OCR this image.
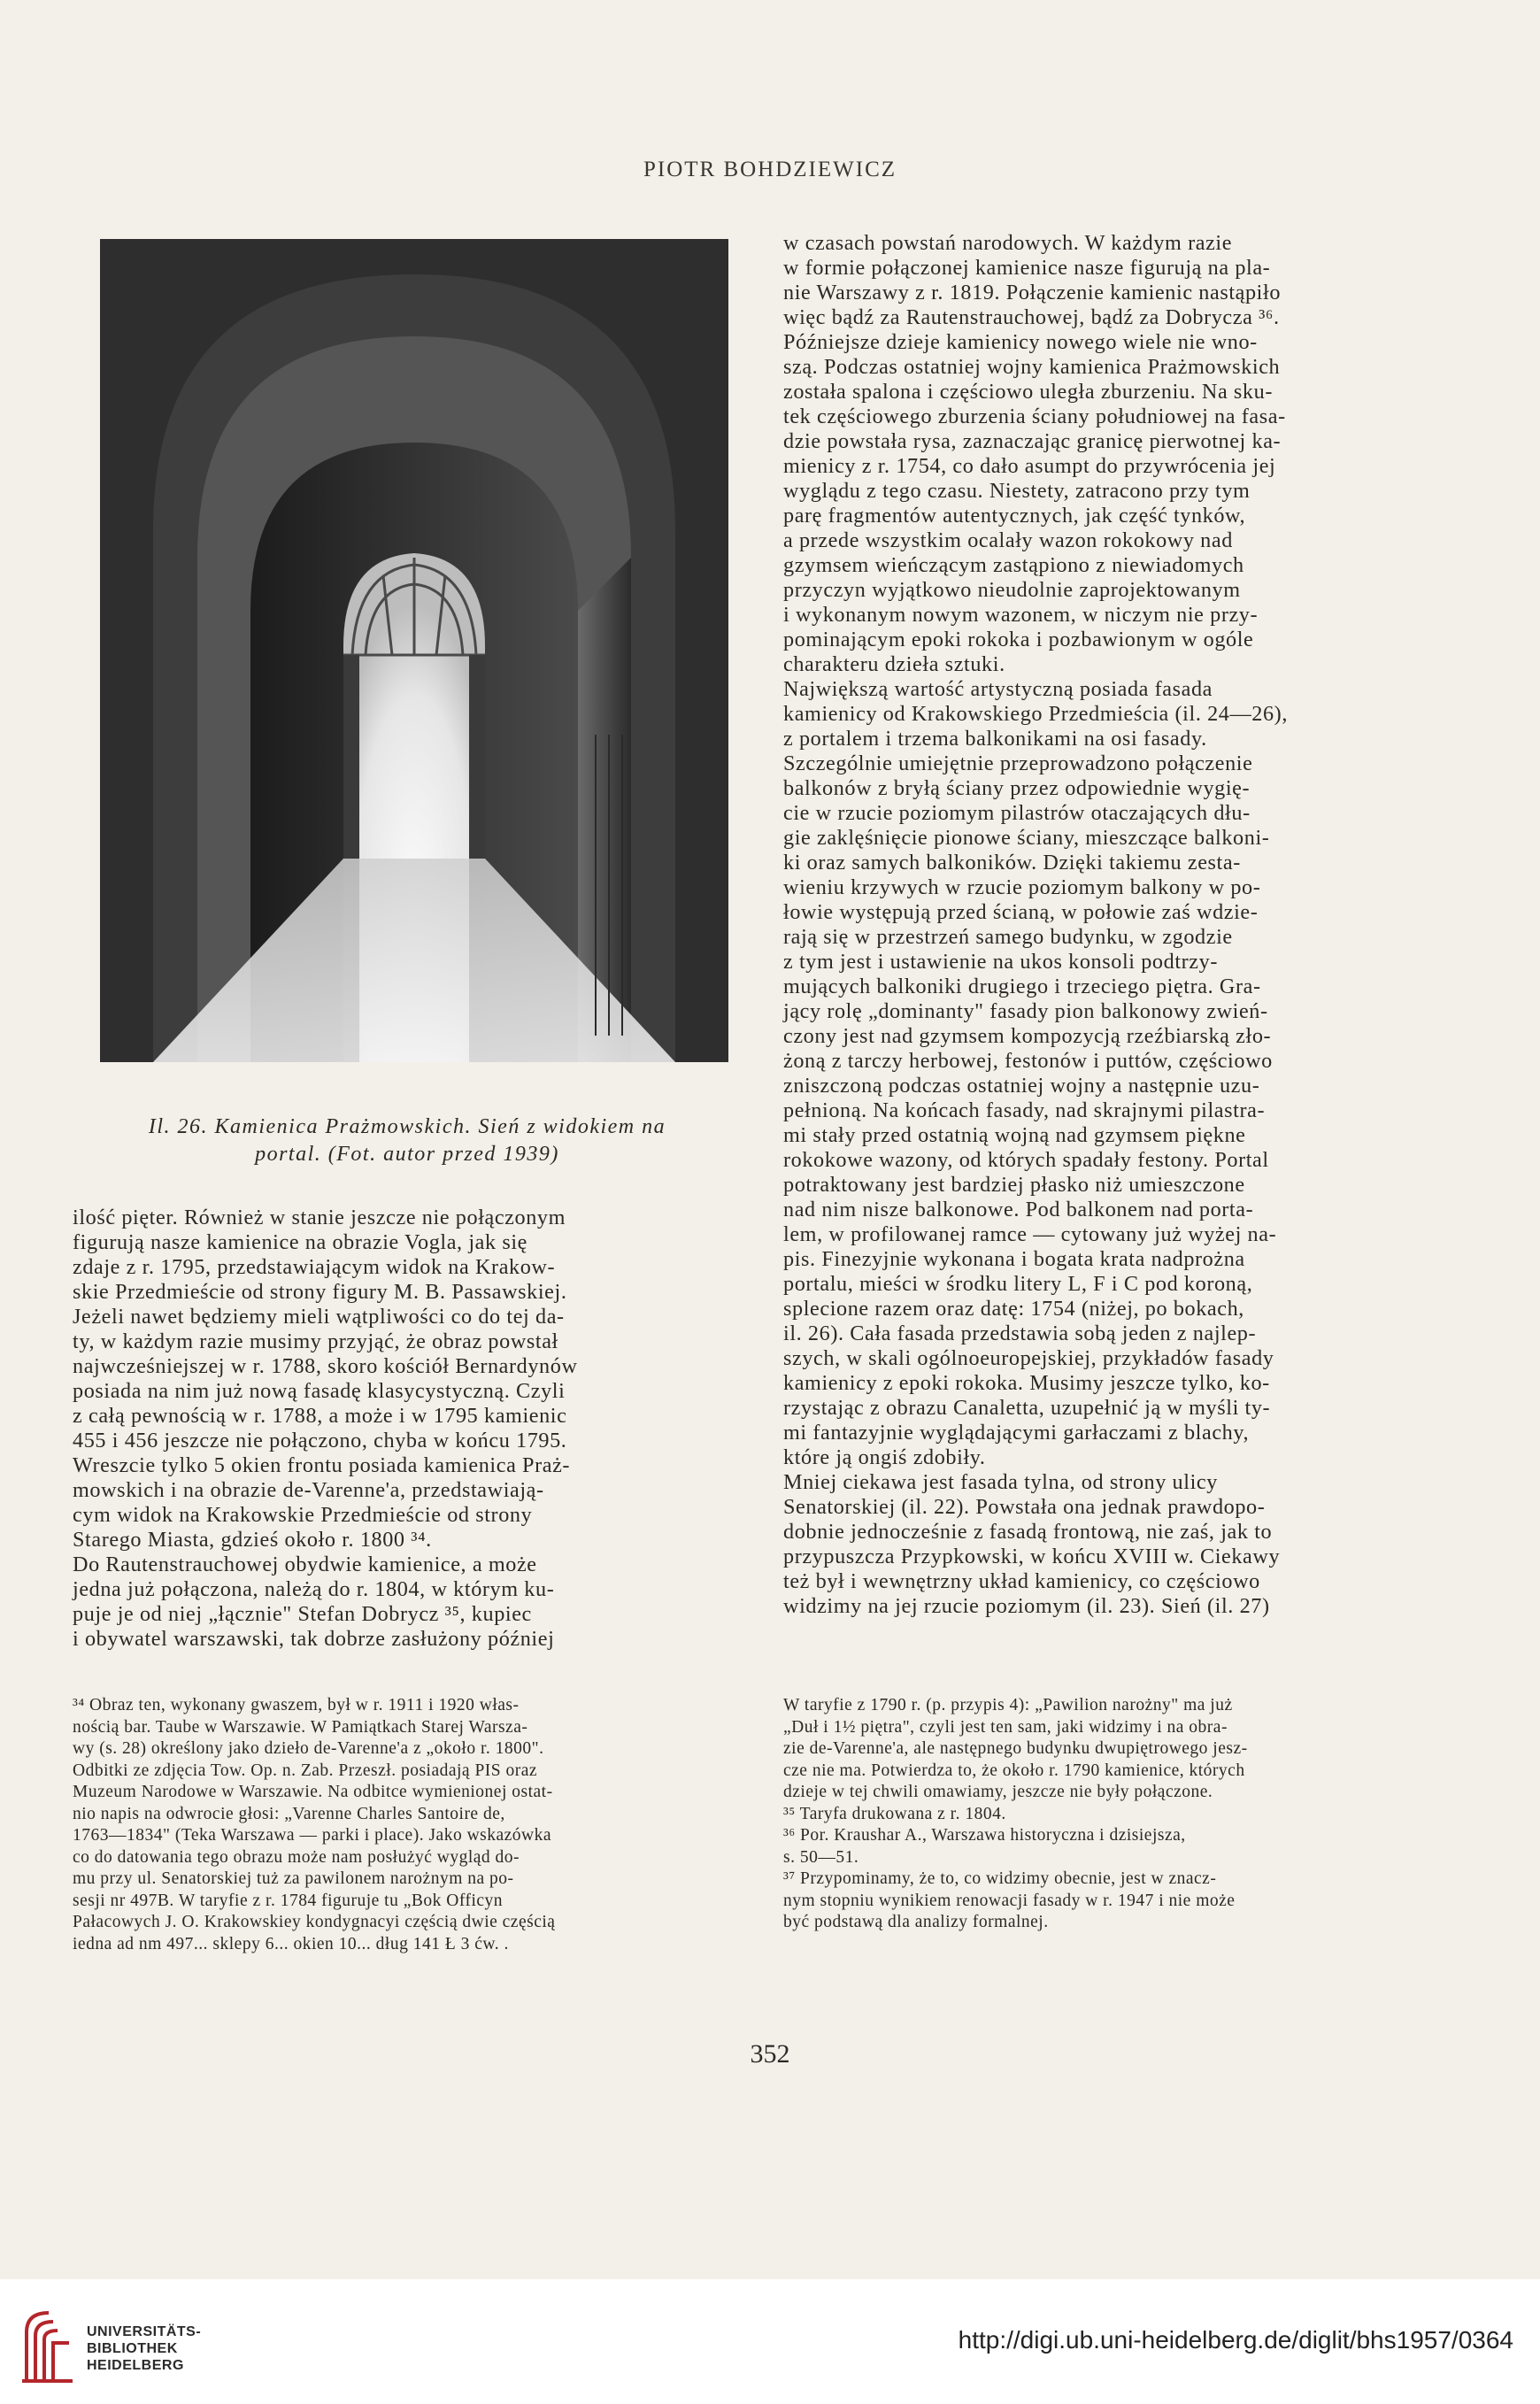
PIOTR BOHDZIEWICZ
Il. 26. Kamienica Prażmowskich. Sień z widokiem na
portal. (Fot. autor przed 1939)
ilość pięter. Również w stanie jeszcze nie połączonym
figurują nasze kamienice na obrazie Vogla, jak się
zdaje z r. 1795, przedstawiającym widok na Krakow-
skie Przedmieście od strony figury M. B. Passawskiej.
Jeżeli nawet będziemy mieli wątpliwości co do tej da-
ty, w każdym razie musimy przyjąć, że obraz powstał
najwcześniejszej w r. 1788, skoro kościół Bernardynów
posiada na nim już nową fasadę klasycystyczną. Czyli
z całą pewnością w r. 1788, a może i w 1795 kamienic
455 i 456 jeszcze nie połączono, chyba w końcu 1795.
Wreszcie tylko 5 okien frontu posiada kamienica Praż-
mowskich i na obrazie de-Varenne'a, przedstawiają-
cym widok na Krakowskie Przedmieście od strony
Starego Miasta, gdzieś około r. 1800 ³⁴.
Do Rautenstrauchowej obydwie kamienice, a może
jedna już połączona, należą do r. 1804, w którym ku-
puje je od niej „łącznie" Stefan Dobrycz ³⁵, kupiec
i obywatel warszawski, tak dobrze zasłużony później
w czasach powstań narodowych. W każdym razie
w formie połączonej kamienice nasze figurują na pla-
nie Warszawy z r. 1819. Połączenie kamienic nastąpiło
więc bądź za Rautenstrauchowej, bądź za Dobrycza ³⁶.
Późniejsze dzieje kamienicy nowego wiele nie wno-
szą. Podczas ostatniej wojny kamienica Prażmowskich
została spalona i częściowo uległa zburzeniu. Na sku-
tek częściowego zburzenia ściany południowej na fasa-
dzie powstała rysa, zaznaczając granicę pierwotnej ka-
mienicy z r. 1754, co dało asumpt do przywrócenia jej
wyglądu z tego czasu. Niestety, zatracono przy tym
parę fragmentów autentycznych, jak część tynków,
a przede wszystkim ocalały wazon rokokowy nad
gzymsem wieńczącym zastąpiono z niewiadomych
przyczyn wyjątkowo nieudolnie zaprojektowanym
i wykonanym nowym wazonem, w niczym nie przy-
pominającym epoki rokoka i pozbawionym w ogóle
charakteru dzieła sztuki.
Największą wartość artystyczną posiada fasada
kamienicy od Krakowskiego Przedmieścia (il. 24—26),
z portalem i trzema balkonikami na osi fasady.
Szczególnie umiejętnie przeprowadzono połączenie
balkonów z bryłą ściany przez odpowiednie wygię-
cie w rzucie poziomym pilastrów otaczających dłu-
gie zaklęśnięcie pionowe ściany, mieszczące balkoni-
ki oraz samych balkoników. Dzięki takiemu zesta-
wieniu krzywych w rzucie poziomym balkony w po-
łowie występują przed ścianą, w połowie zaś wdzie-
rają się w przestrzeń samego budynku, w zgodzie
z tym jest i ustawienie na ukos konsoli podtrzy-
mujących balkoniki drugiego i trzeciego piętra. Gra-
jący rolę „dominanty" fasady pion balkonowy zwień-
czony jest nad gzymsem kompozycją rzeźbiarską zło-
żoną z tarczy herbowej, festonów i puttów, częściowo
zniszczoną podczas ostatniej wojny a następnie uzu-
pełnioną. Na końcach fasady, nad skrajnymi pilastra-
mi stały przed ostatnią wojną nad gzymsem piękne
rokokowe wazony, od których spadały festony. Portal
potraktowany jest bardziej płasko niż umieszczone
nad nim nisze balkonowe. Pod balkonem nad porta-
lem, w profilowanej ramce — cytowany już wyżej na-
pis. Finezyjnie wykonana i bogata krata nadprożna
portalu, mieści w środku litery L, F i C pod koroną,
splecione razem oraz datę: 1754 (niżej, po bokach,
il. 26). Cała fasada przedstawia sobą jeden z najlep-
szych, w skali ogólnoeuropejskiej, przykładów fasady
kamienicy z epoki rokoka. Musimy jeszcze tylko, ko-
rzystając z obrazu Canaletta, uzupełnić ją w myśli ty-
mi fantazyjnie wyglądającymi garłaczami z blachy,
które ją ongiś zdobiły.
Mniej ciekawa jest fasada tylna, od strony ulicy
Senatorskiej (il. 22). Powstała ona jednak prawdopo-
dobnie jednocześnie z fasadą frontową, nie zaś, jak to
przypuszcza Przypkowski, w końcu XVIII w. Ciekawy
też był i wewnętrzny układ kamienicy, co częściowo
widzimy na jej rzucie poziomym (il. 23). Sień (il. 27)
³⁴ Obraz ten, wykonany gwaszem, był w r. 1911 i 1920 włas-
nością bar. Taube w Warszawie. W Pamiątkach Starej Warsza-
wy (s. 28) określony jako dzieło de-Varenne'a z „około r. 1800".
Odbitki ze zdjęcia Tow. Op. n. Zab. Przeszł. posiadają PIS oraz
Muzeum Narodowe w Warszawie. Na odbitce wymienionej ostat-
nio napis na odwrocie głosi: „Varenne Charles Santoire de,
1763—1834" (Teka Warszawa — parki i place). Jako wskazówka
co do datowania tego obrazu może nam posłużyć wygląd do-
mu przy ul. Senatorskiej tuż za pawilonem narożnym na po-
sesji nr 497B. W taryfie z r. 1784 figuruje tu „Bok Officyn
Pałacowych J. O. Krakowskiey kondygnacyi częścią dwie częścią
iedna ad nm 497... sklepy 6... okien 10... dług 141 Ł 3 ćw. .
W taryfie z 1790 r. (p. przypis 4): „Pawilion narożny" ma już
„Duł i 1½ piętra", czyli jest ten sam, jaki widzimy i na obra-
zie de-Varenne'a, ale następnego budynku dwupiętrowego jesz-
cze nie ma. Potwierdza to, że około r. 1790 kamienice, których
dzieje w tej chwili omawiamy, jeszcze nie były połączone.
³⁵ Taryfa drukowana z r. 1804.
³⁶ Por. Kraushar A., Warszawa historyczna i dzisiejsza,
s. 50—51.
³⁷ Przypominamy, że to, co widzimy obecnie, jest w znacz-
nym stopniu wynikiem renowacji fasady w r. 1947 i nie może
być podstawą dla analizy formalnej.
352
UNIVERSITÄTS-
BIBLIOTHEK
HEIDELBERG
http://digi.ub.uni-heidelberg.de/diglit/bhs1957/0364
